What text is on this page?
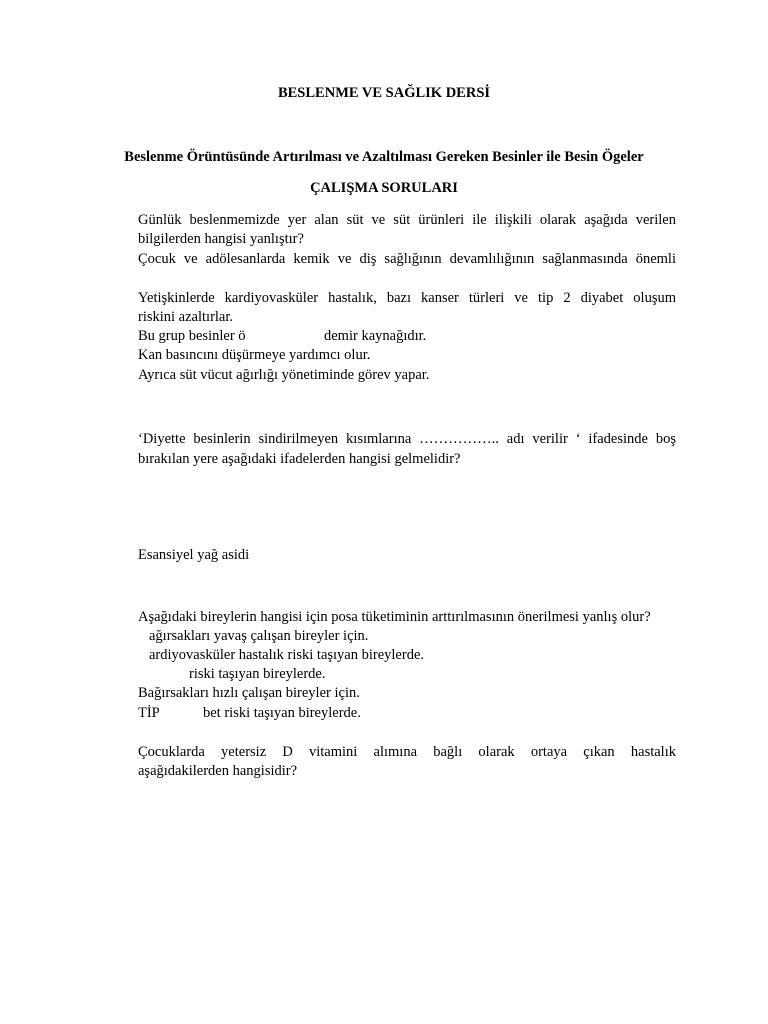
BESLENME VE SAĞLIK DERSİ
Beslenme Örüntüsünde Artırılması ve Azaltılması Gereken Besinler ile Besin Ögeler
ÇALIŞMA SORULARI
Günlük beslenmemizde yer alan süt ve süt ürünleri ile ilişkili olarak aşağıda verilen
bilgilerden hangisi yanlıştır?
Çocuk ve adölesanlarda kemik ve diş sağlığının devamlılığının sağlanmasında önemli
Yetişkinlerde kardiyovasküler hastalık, bazı kanser türleri ve tip 2 diyabet oluşum
riskini azaltırlar.
Bu grup besinler ö	demir kaynağıdır.
Kan basıncını düşürmeye yardımcı olur.
Ayrıca süt vücut ağırlığı yönetiminde görev yapar.
‘Diyette besinlerin sindirilmeyen kısımlarına …………….. adı verilir ‘ ifadesinde boş
bırakılan yere aşağıdaki ifadelerden hangisi gelmelidir?
Esansiyel yağ asidi
Aşağıdaki bireylerin hangisi için posa tüketiminin arttırılmasının önerilmesi yanlış olur?
ağırsakları yavaş çalışan bireyler için.
ardiyovasküler hastalık riski taşıyan bireylerde.
riski taşıyan bireylerde.
Bağırsakları hızlı çalışan bireyler için.
TİP	bet riski taşıyan bireylerde.
Çocuklarda yetersiz D vitamini alımına bağlı olarak ortaya çıkan hastalık
aşağıdakilerden hangisidir?
